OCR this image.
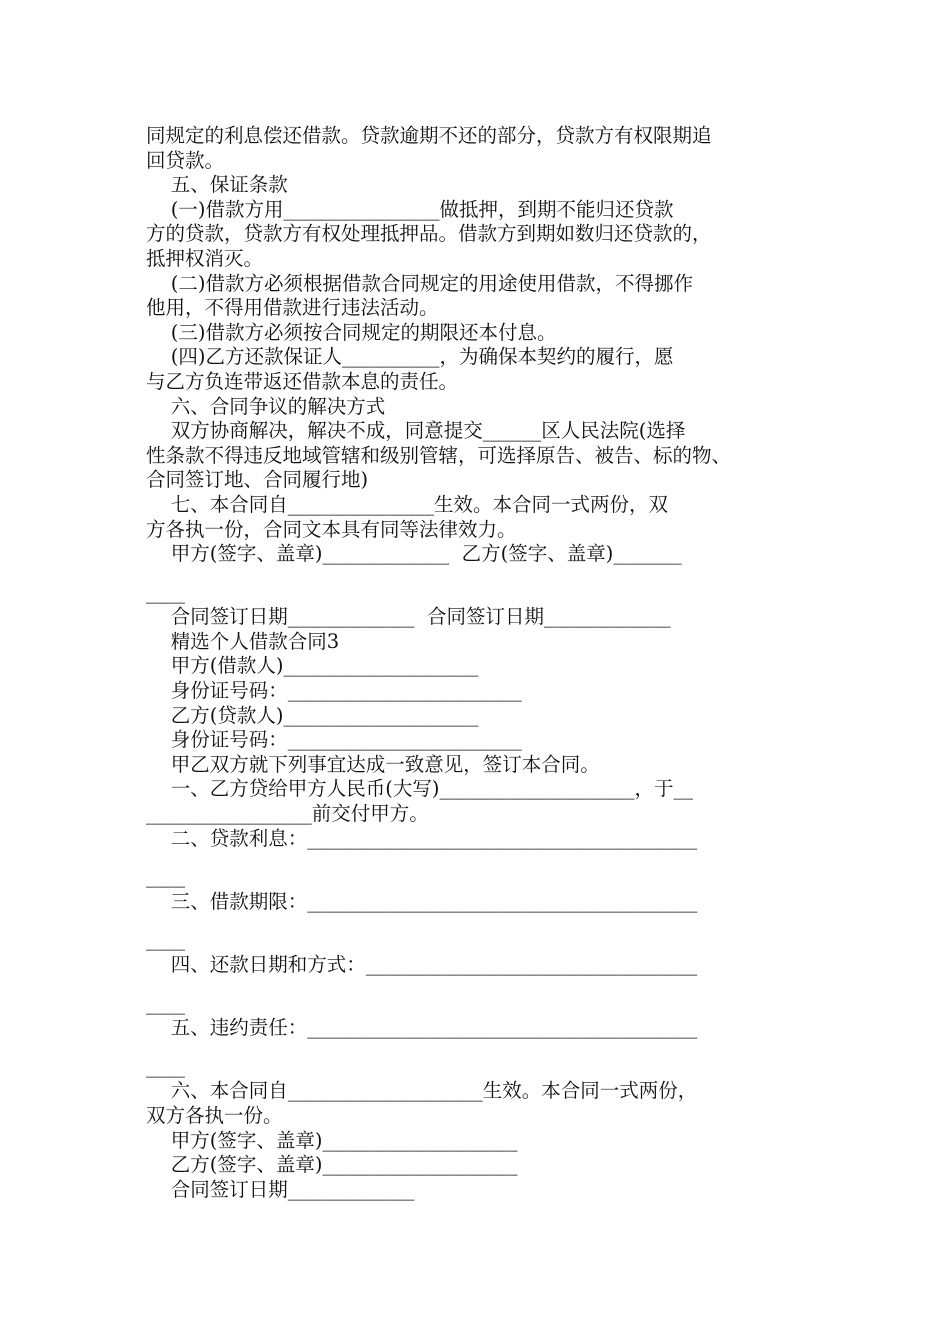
同规定的利息偿还借款。贷款逾期不还的部分，贷款方有权限期追

回贷款。

五、保证条款

(一)借款方用________________做抵押，到期不能归还贷款

方的贷款，贷款方有权处理抵押品。借款方到期如数归还贷款的，

抵押权消灭。

(二)借款方必须根据借款合同规定的用途使用借款，不得挪作

他用，不得用借款进行违法活动。

(三)借款方必须按合同规定的期限还本付息。

(四)乙方还款保证人__________，为确保本契约的履行，愿

与乙方负连带返还借款本息的责任。

六、合同争议的解决方式

双方协商解决，解决不成，同意提交______区人民法院(选择

性条款不得违反地域管辖和级别管辖，可选择原告、被告、标的物、

合同签订地、合同履行地)

七、本合同自_______________生效。本合同一式两份，双

方各执一份，合同文本具有同等法律效力。

甲方(签字、盖章)_____________  乙方(签字、盖章)_______

____

合同签订日期_____________  合同签订日期_____________

精选个人借款合同3

甲方(借款人)____________________

身份证号码：________________________

乙方(贷款人)____________________

身份证号码：________________________

甲乙双方就下列事宜达成一致意见，签订本合同。

一、乙方贷给甲方人民币(大写)____________________，于__

_________________前交付甲方。

二、贷款利息：________________________________________

____

三、借款期限：________________________________________

____

四、还款日期和方式：__________________________________

____

五、违约责任：________________________________________

____

六、本合同自____________________生效。本合同一式两份，

双方各执一份。

甲方(签字、盖章)____________________

乙方(签字、盖章)____________________

合同签订日期_____________
